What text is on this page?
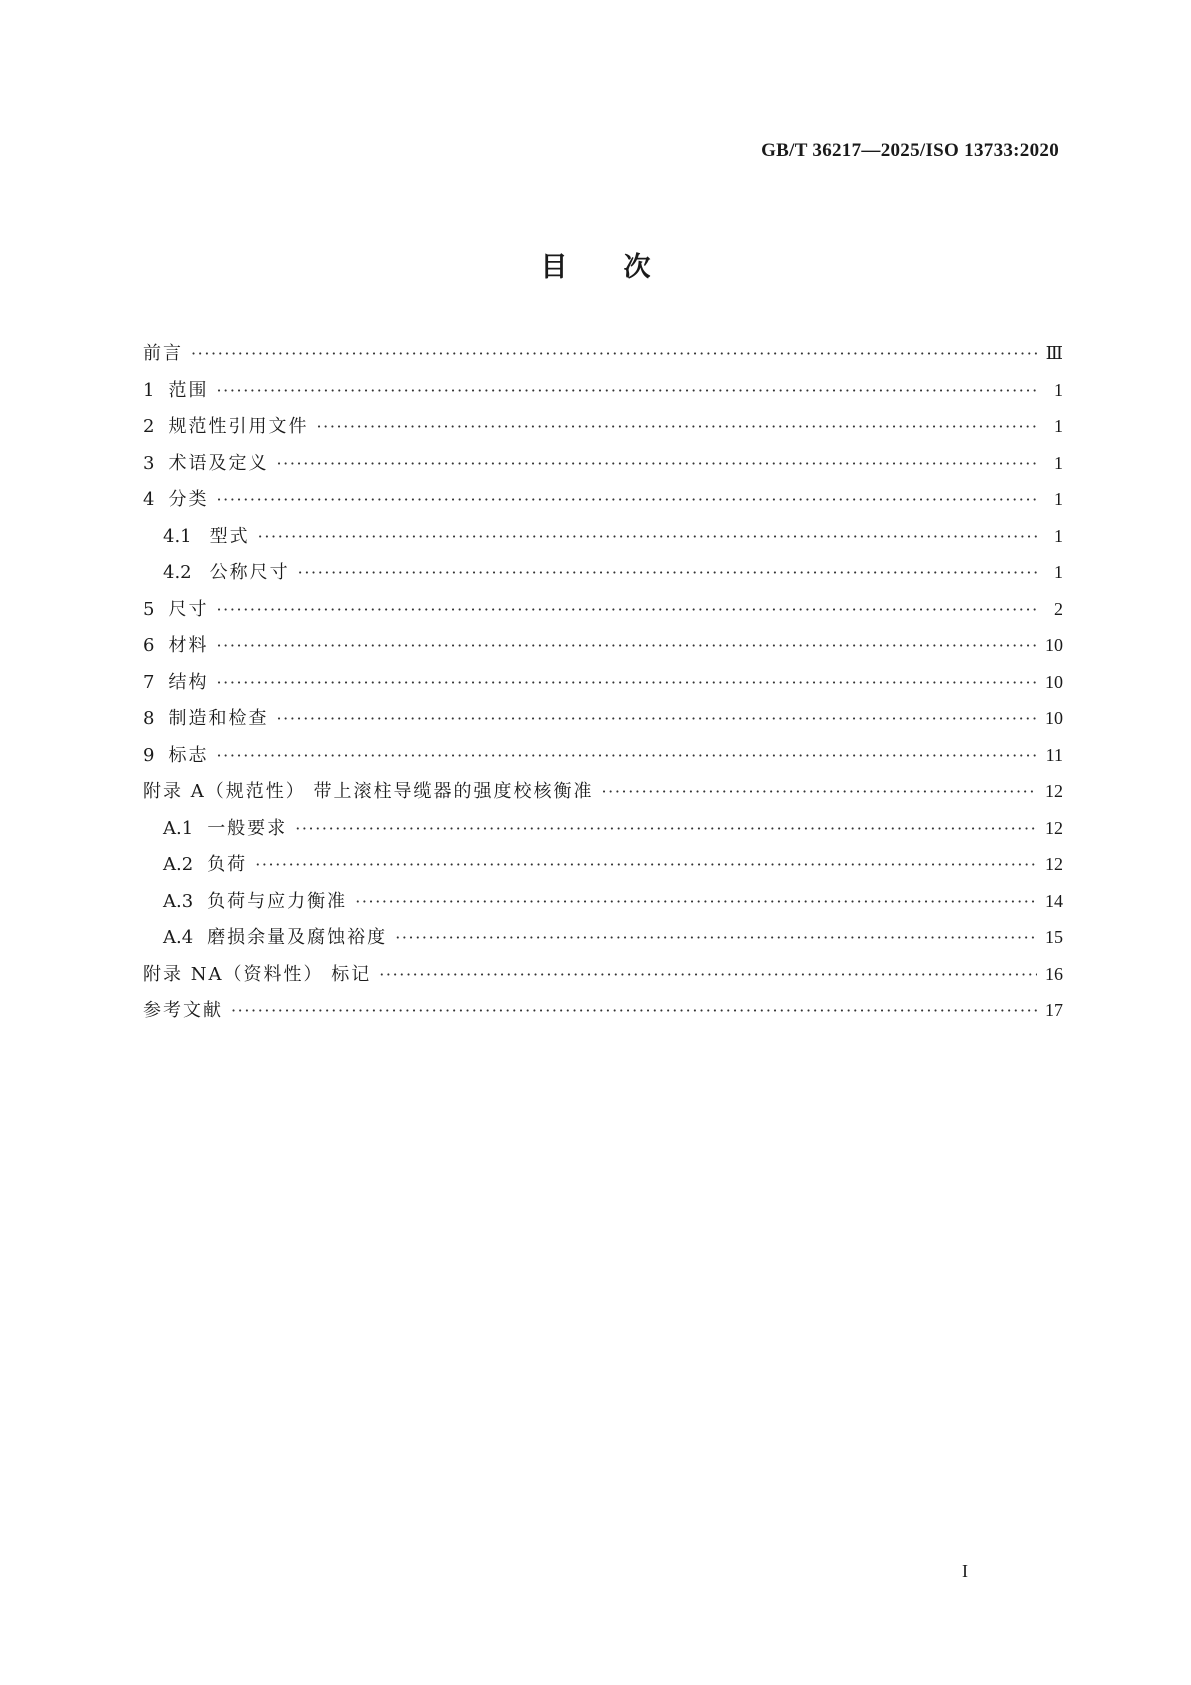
GB/T 36217—2025/ISO 13733:2020
目次
前言 ·····	Ⅲ
1 范围 ·····	1
2 规范性引用文件 ·····	1
3 术语及定义 ·····	1
4 分类 ·····	1
4.1 型式 ·····	1
4.2 公称尺寸 ·····	1
5 尺寸 ·····	2
6 材料 ·····	10
7 结构 ·····	10
8 制造和检查 ·····	10
9 标志 ·····	11
附录 A（规范性） 带上滚柱导缆器的强度校核衡准 ·····	12
A.1 一般要求 ·····	12
A.2 负荷 ·····	12
A.3 负荷与应力衡准 ·····	14
A.4 磨损余量及腐蚀裕度 ·····	15
附录 NA（资料性） 标记 ·····	16
参考文献 ·····	17
I
